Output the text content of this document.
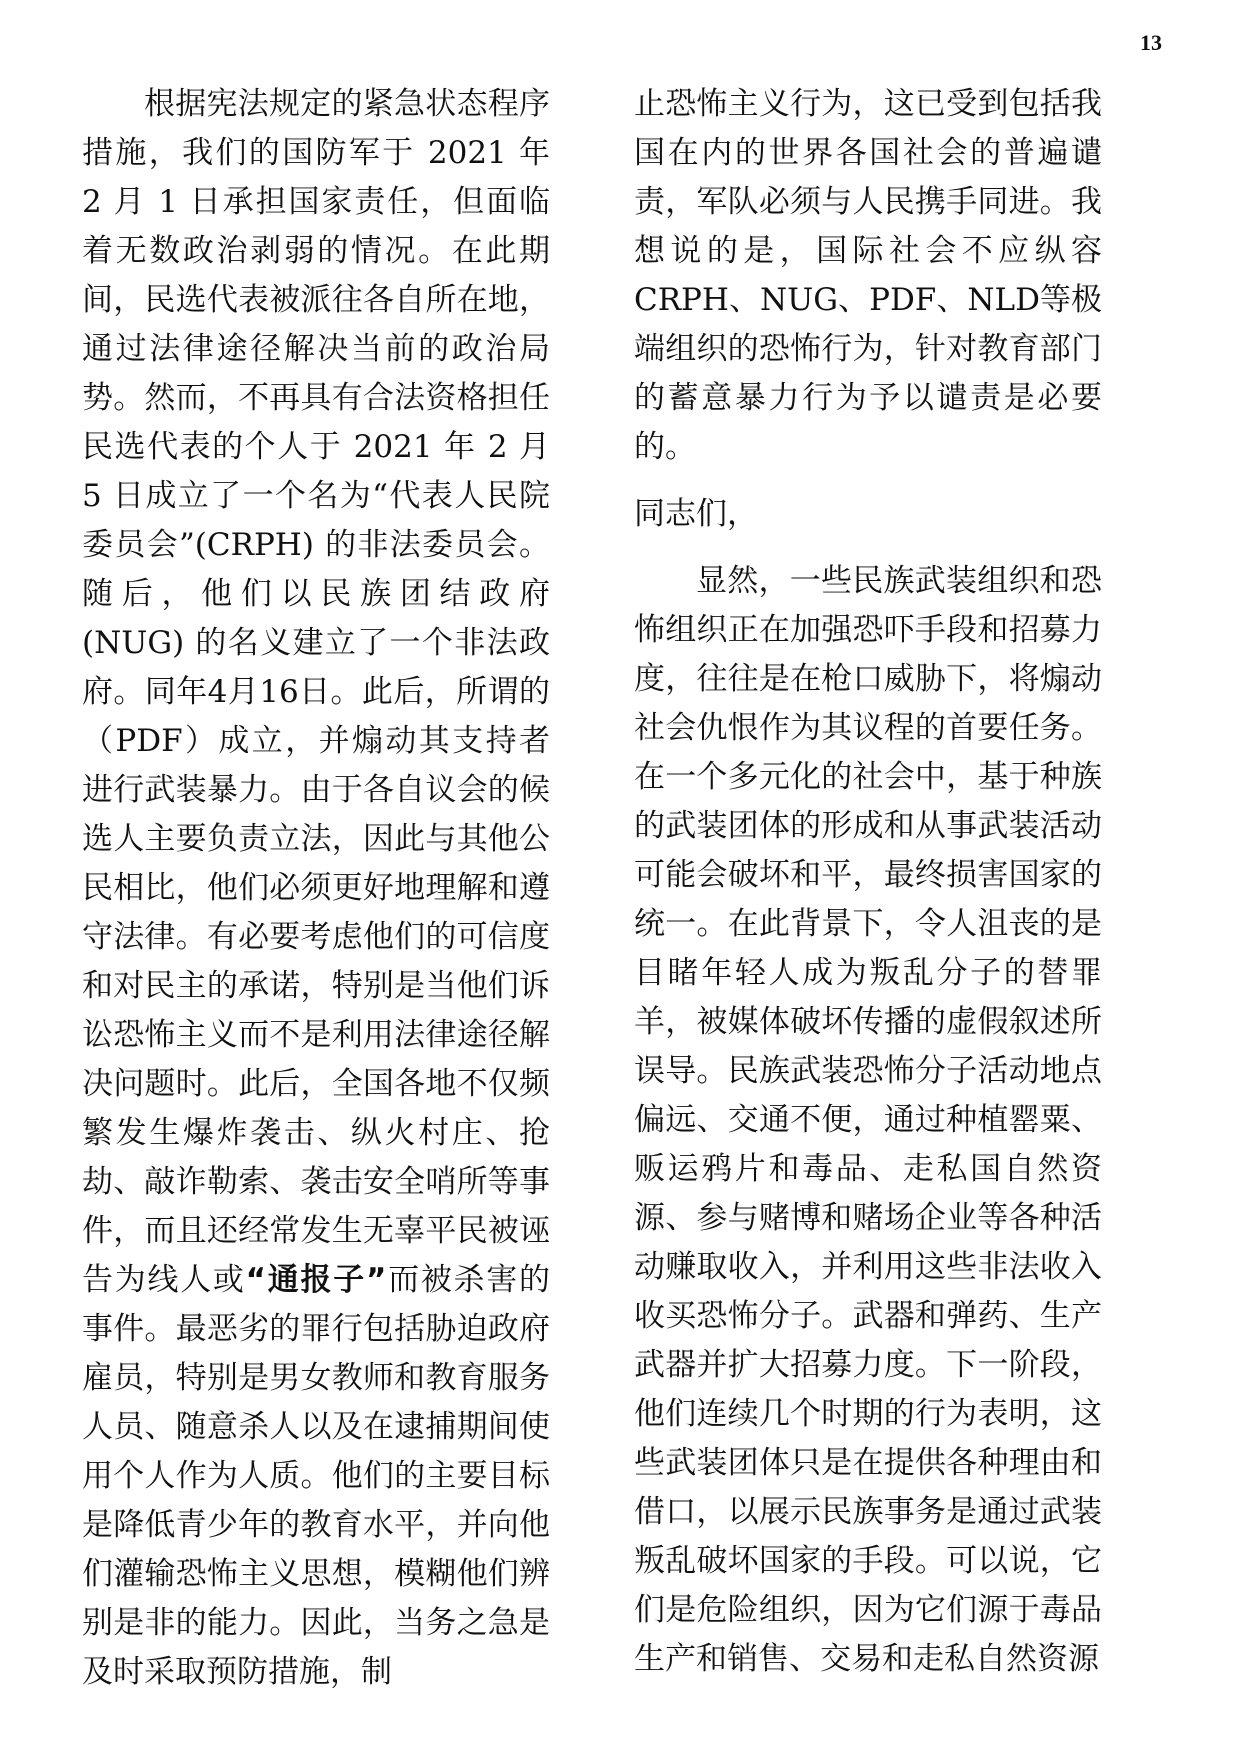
13

根据宪法规定的紧急状态程序措施，我们的国防军于 2021 年 2 月 1 日承担国家责任，但面临着无数政治剥弱的情况。在此期间，民选代表被派往各自所在地，通过法律途径解决当前的政治局势。然而，不再具有合法资格担任民选代表的个人于 2021 年 2 月 5 日成立了一个名为“代表人民院委员会”(CRPH) 的非法委员会。随后，他们以民族团结政府 (NUG) 的名义建立了一个非法政府。同年4月16日。此后，所谓的（PDF）成立，并煽动其支持者进行武装暴力。由于各自议会的候选人主要负责立法，因此与其他公民相比，他们必须更好地理解和遵守法律。有必要考虑他们的可信度和对民主的承诺，特别是当他们诉讼恐怖主义而不是利用法律途径解决问题时。此后，全国各地不仅频繁发生爆炸袭击、纵火村庄、抢劫、敲诈勒索、袭击安全哨所等事件，而且还经常发生无辜平民被诬告为线人或“通报子”而被杀害的事件。最恶劣的罪行包括胁迫政府雇员，特别是男女教师和教育服务人员、随意杀人以及在逮捕期间使用个人作为人质。他们的主要目标是降低青少年的教育水平，并向他们灌输恐怖主义思想，模糊他们辨别是非的能力。因此，当务之急是及时采取预防措施，制

止恐怖主义行为，这已受到包括我国在内的世界各国社会的普遍谴责，军队必须与人民携手同进。我想说的是，国际社会不应纵容CRPH、NUG、PDF、NLD等极端组织的恐怖行为，针对教育部门的蓄意暴力行为予以谴责是必要的。

同志们，

显然，一些民族武装组织和恐怖组织正在加强恐吓手段和招募力度，往往是在枪口威胁下，将煽动社会仇恨作为其议程的首要任务。在一个多元化的社会中，基于种族的武装团体的形成和从事武装活动可能会破坏和平，最终损害国家的统一。在此背景下，令人沮丧的是目睹年轻人成为叛乱分子的替罪羊，被媒体破坏传播的虚假叙述所误导。民族武装恐怖分子活动地点偏远、交通不便，通过种植罂粟、贩运鸦片和毒品、走私国自然资源、参与赌博和赌场企业等各种活动赚取收入，并利用这些非法收入收买恐怖分子。武器和弹药、生产武器并扩大招募力度。下一阶段，他们连续几个时期的行为表明，这些武装团体只是在提供各种理由和借口，以展示民族事务是通过武装叛乱破坏国家的手段。可以说，它们是危险组织，因为它们源于毒品生产和销售、交易和走私自然资源
